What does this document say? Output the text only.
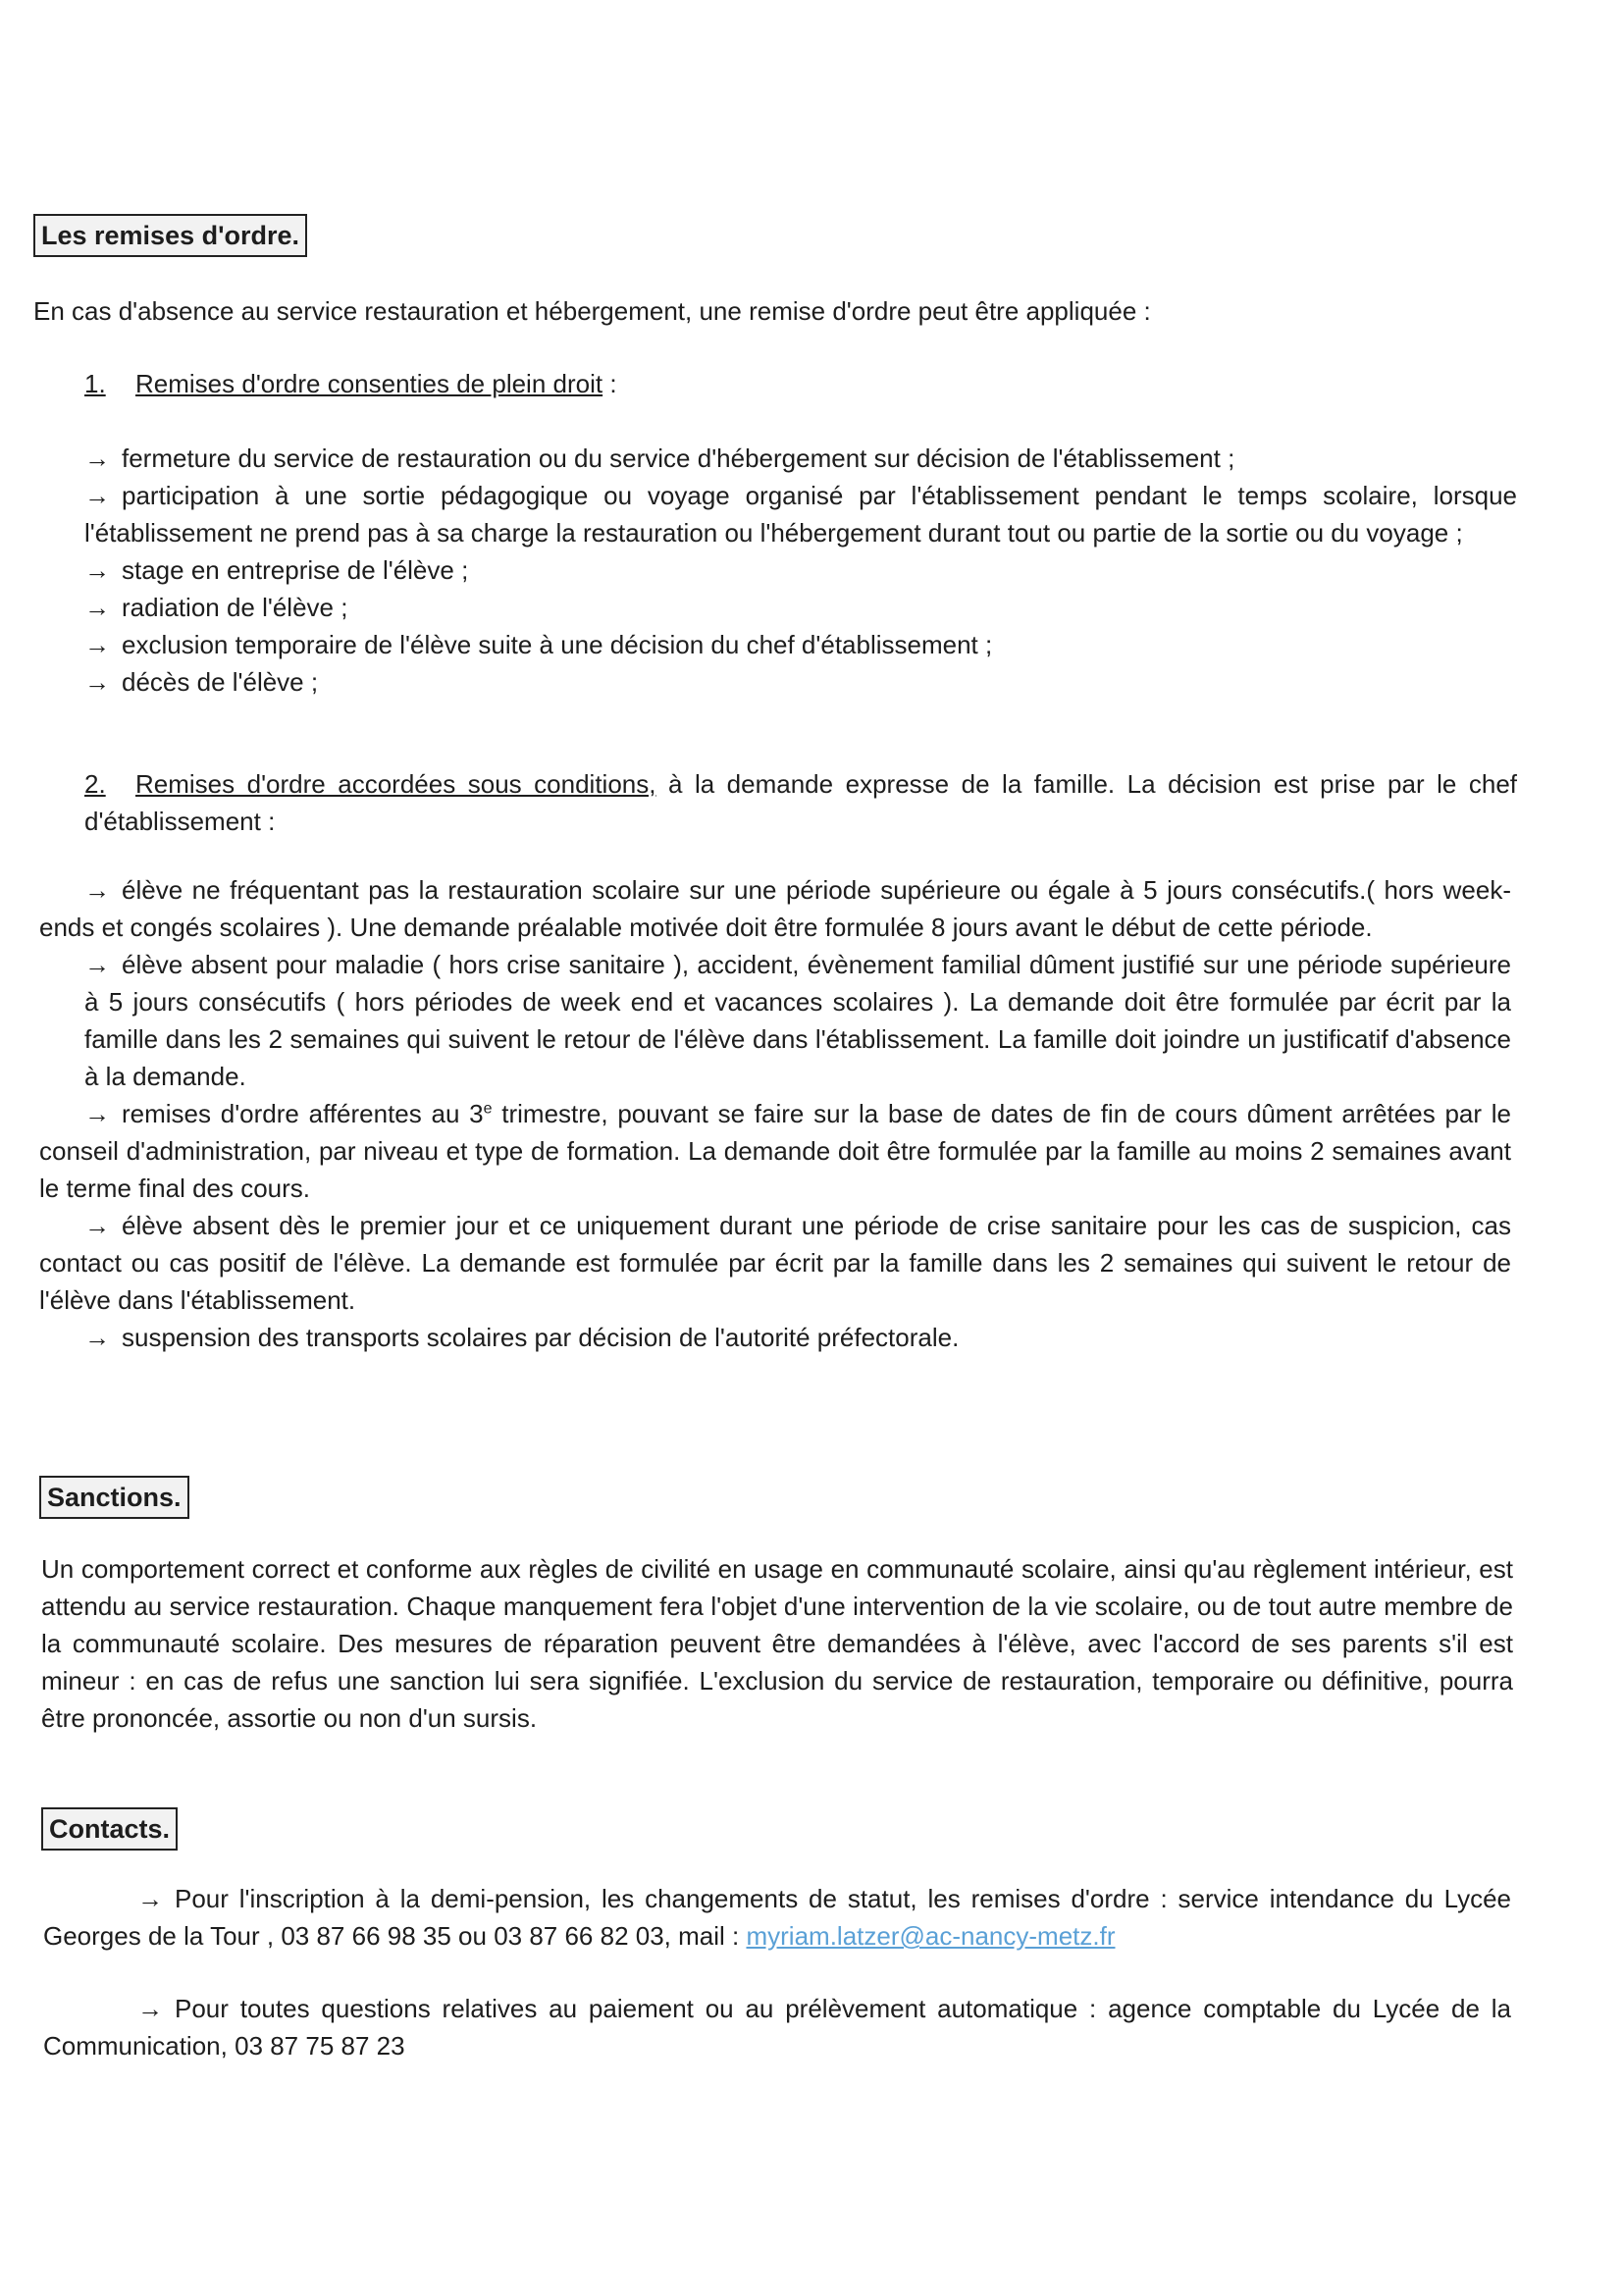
Les remises d'ordre.
En cas d'absence au service restauration et hébergement, une remise d'ordre peut être appliquée :
1. Remises d'ordre consenties de plein droit :
→ fermeture du service de restauration ou du service d'hébergement sur décision de l'établissement ;
→ participation à une sortie pédagogique ou voyage organisé par l'établissement pendant le temps scolaire, lorsque l'établissement ne prend pas à sa charge la restauration ou l'hébergement durant tout ou partie de la sortie ou du voyage ;
→ stage en entreprise de l'élève ;
→ radiation de l'élève ;
→ exclusion temporaire de l'élève suite à une décision du chef d'établissement ;
→ décès de l'élève ;
2. Remises d'ordre accordées sous conditions, à la demande expresse de la famille. La décision est prise par le chef d'établissement :
→ élève ne fréquentant pas la restauration scolaire sur une période supérieure ou égale à 5 jours consécutifs.( hors week-ends et congés scolaires ). Une demande préalable motivée doit être formulée 8 jours avant le début de cette période.
→ élève absent pour maladie ( hors crise sanitaire ), accident, évènement familial dûment justifié sur une période supérieure à 5 jours consécutifs ( hors périodes de week end et vacances scolaires ). La demande doit être formulée par écrit par la famille dans les 2 semaines qui suivent le retour de l'élève dans l'établissement. La famille doit joindre un justificatif d'absence à la demande.
→ remises d'ordre afférentes au 3e trimestre, pouvant se faire sur la base de dates de fin de cours dûment arrêtées par le conseil d'administration, par niveau et type de formation. La demande doit être formulée par la famille au moins 2 semaines avant le terme final des cours.
→ élève absent dès le premier jour et ce uniquement durant une période de crise sanitaire pour les cas de suspicion, cas contact ou cas positif de l'élève. La demande est formulée par écrit par la famille dans les 2 semaines qui suivent le retour de l'élève dans l'établissement.
→ suspension des transports scolaires par décision de l'autorité préfectorale.
Sanctions.
Un comportement correct et conforme aux règles de civilité en usage en communauté scolaire, ainsi qu'au règlement intérieur, est attendu au service restauration. Chaque manquement fera l'objet d'une intervention de la vie scolaire, ou de tout autre membre de la communauté scolaire. Des mesures de réparation peuvent être demandées à l'élève, avec l'accord de ses parents s'il est mineur : en cas de refus une sanction lui sera signifiée. L'exclusion du service de restauration, temporaire ou définitive, pourra être prononcée, assortie ou non d'un sursis.
Contacts.
→ Pour l'inscription à la demi-pension, les changements de statut, les remises d'ordre : service intendance du Lycée Georges de la Tour , 03 87 66 98 35 ou 03 87 66 82 03, mail : myriam.latzer@ac-nancy-metz.fr
→ Pour toutes questions relatives au paiement ou au prélèvement automatique : agence comptable du Lycée de la Communication, 03 87 75 87 23
